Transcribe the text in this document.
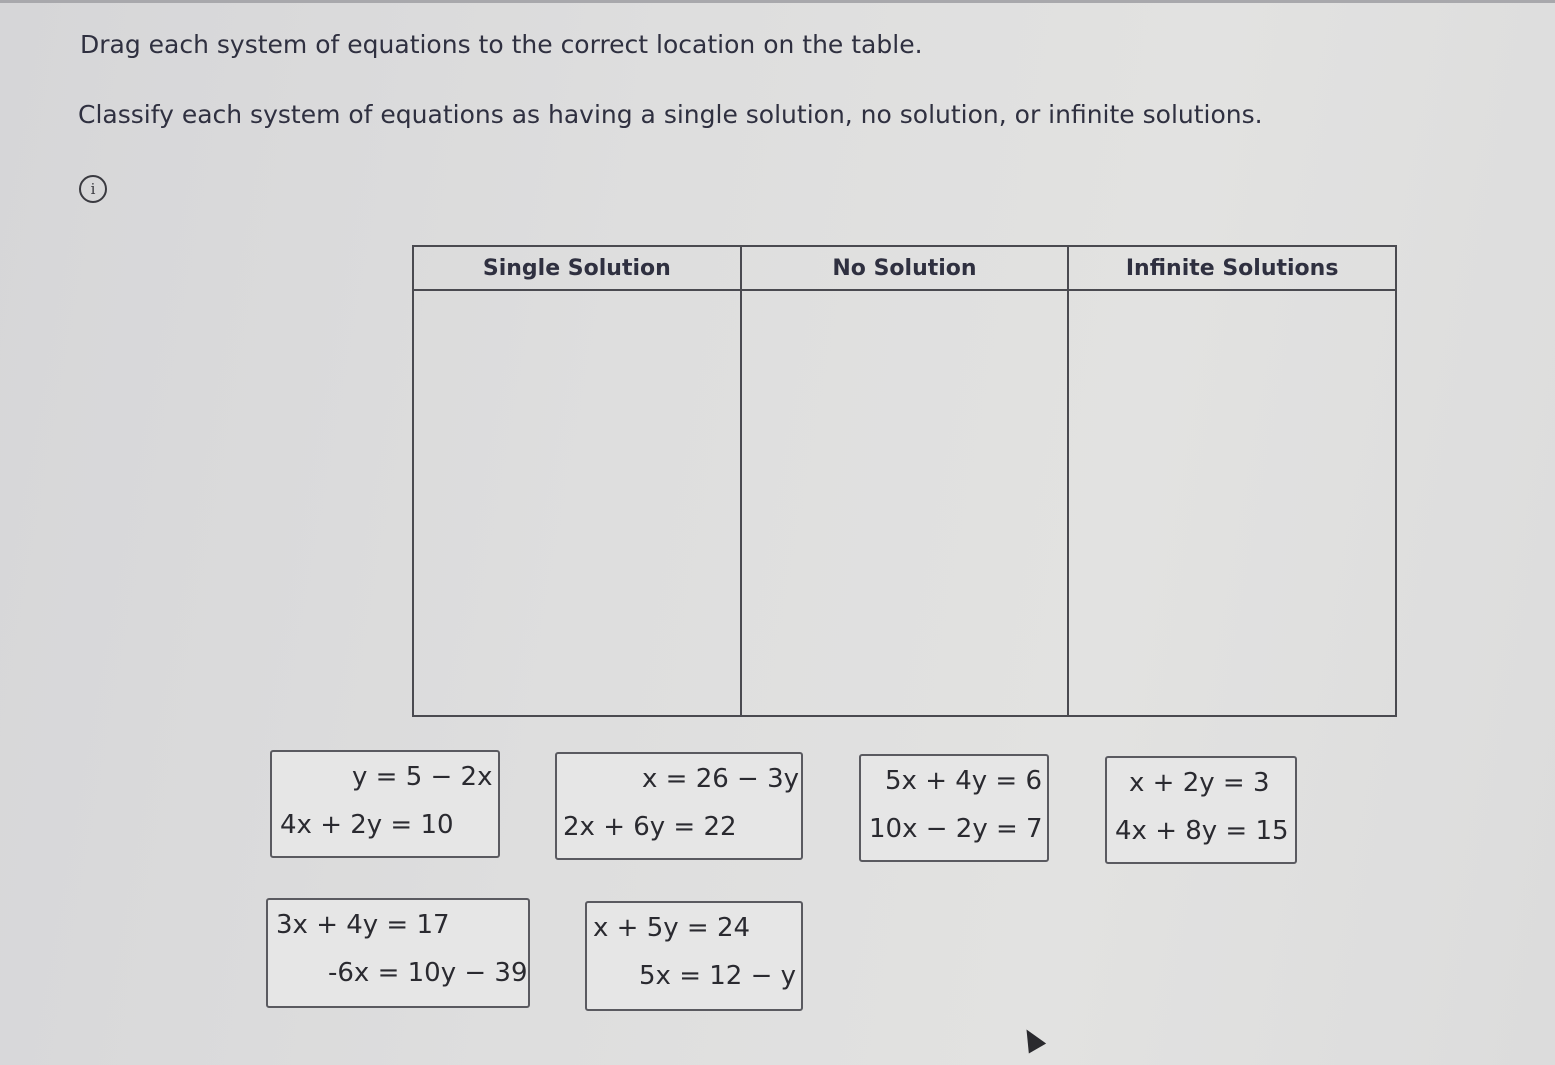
Drag each system of equations to the correct location on the table.
Classify each system of equations as having a single solution, no solution, or infinite solutions.
i
Single Solution	No Solution	Infinite Solutions

y = 5 − 2x
4x + 2y = 10
x = 26 − 3y
2x + 6y = 22
5x + 4y = 6
10x − 2y = 7
x + 2y = 3
4x + 8y = 15
3x + 4y = 17
-6x = 10y − 39
x + 5y = 24
5x = 12 − y
